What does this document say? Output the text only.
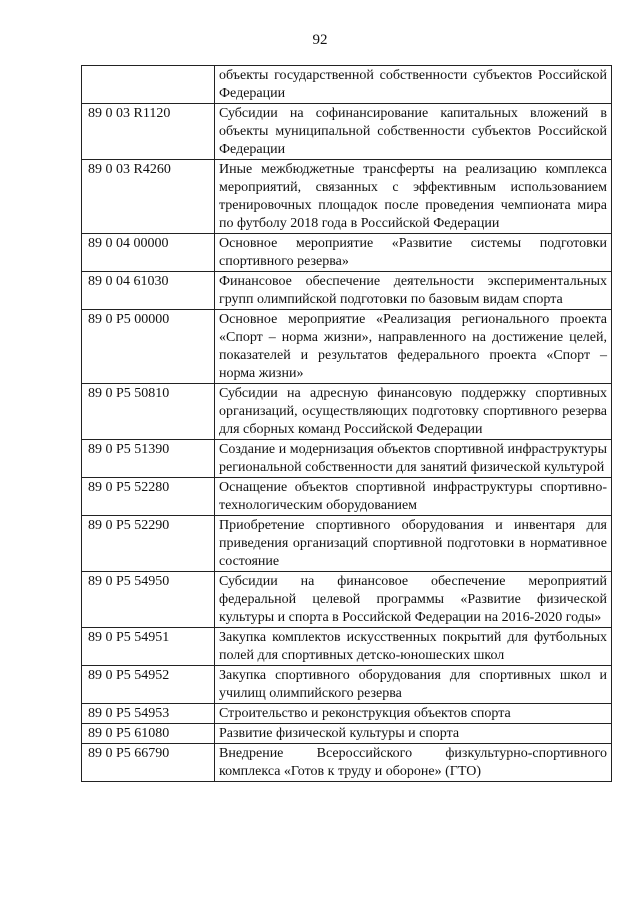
92
	объекты государственной собственности субъектов Российской Федерации
89 0 03 R1120	Субсидии на софинансирование капитальных вложений в объекты муниципальной собственности субъектов Российской Федерации
89 0 03 R4260	Иные межбюджетные трансферты на реализацию комплекса мероприятий, связанных с эффективным использованием тренировочных площадок после проведения чемпионата мира по футболу 2018 года в Российской Федерации
89 0 04 00000	Основное мероприятие «Развитие системы подготовки спортивного резерва»
89 0 04 61030	Финансовое обеспечение деятельности экспериментальных групп олимпийской подготовки по базовым видам спорта
89 0 P5 00000	Основное мероприятие «Реализация регионального проекта «Спорт – норма жизни», направленного на достижение целей, показателей и результатов федерального проекта «Спорт – норма жизни»
89 0 P5 50810	Субсидии на адресную финансовую поддержку спортивных организаций, осуществляющих подготовку спортивного резерва для сборных команд Российской Федерации
89 0 P5 51390	Создание и модернизация объектов спортивной инфраструктуры региональной собственности для занятий физической культурой
89 0 P5 52280	Оснащение объектов спортивной инфраструктуры спортивно-технологическим оборудованием
89 0 P5 52290	Приобретение спортивного оборудования и инвентаря для приведения организаций спортивной подготовки в нормативное состояние
89 0 P5 54950	Субсидии на финансовое обеспечение мероприятий федеральной целевой программы «Развитие физической культуры и спорта в Российской Федерации на 2016-2020 годы»
89 0 P5 54951	Закупка комплектов искусственных покрытий для футбольных полей для спортивных детско-юношеских школ
89 0 P5 54952	Закупка спортивного оборудования для спортивных школ и училищ олимпийского резерва
89 0 P5 54953	Строительство и реконструкция объектов спорта
89 0 P5 61080	Развитие физической культуры и спорта
89 0 P5 66790	Внедрение Всероссийского физкультурно-спортивного комплекса «Готов к труду и обороне» (ГТО)
